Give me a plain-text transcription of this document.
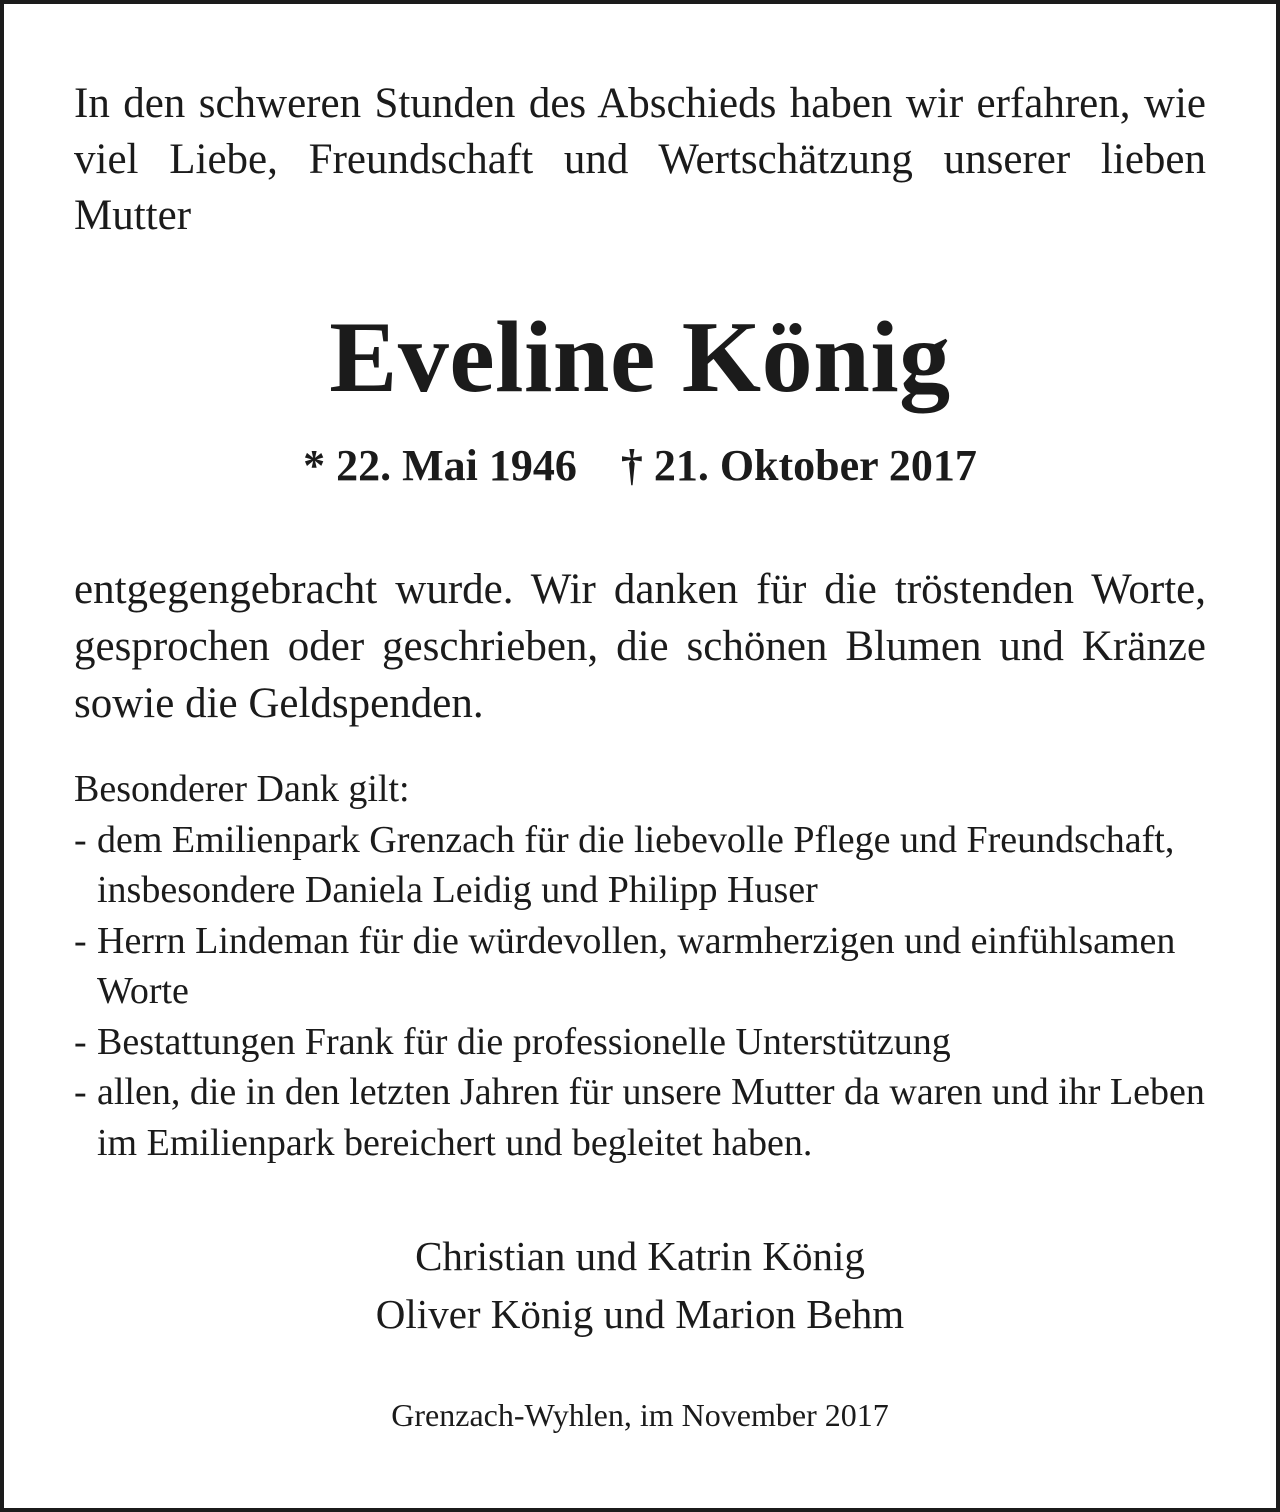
In den schweren Stunden des Abschieds haben wir erfahren, wie viel Liebe, Freundschaft und Wertschätzung unserer lieben Mutter

Eveline König
* 22. Mai 1946 † 21. Oktober 2017

entgegengebracht wurde. Wir danken für die tröstenden Worte, gesprochen oder geschrieben, die schönen Blumen und Kränze sowie die Geldspenden.

Besonderer Dank gilt:
- dem Emilienpark Grenzach für die liebevolle Pflege und Freundschaft, insbesondere Daniela Leidig und Philipp Huser
- Herrn Lindeman für die würdevollen, warmherzigen und einfühlsamen Worte
- Bestattungen Frank für die professionelle Unterstützung
- allen, die in den letzten Jahren für unsere Mutter da waren und ihr Leben im Emilienpark bereichert und begleitet haben.
Christian und Katrin König
Oliver König und Marion Behm
Grenzach-Wyhlen, im November 2017
